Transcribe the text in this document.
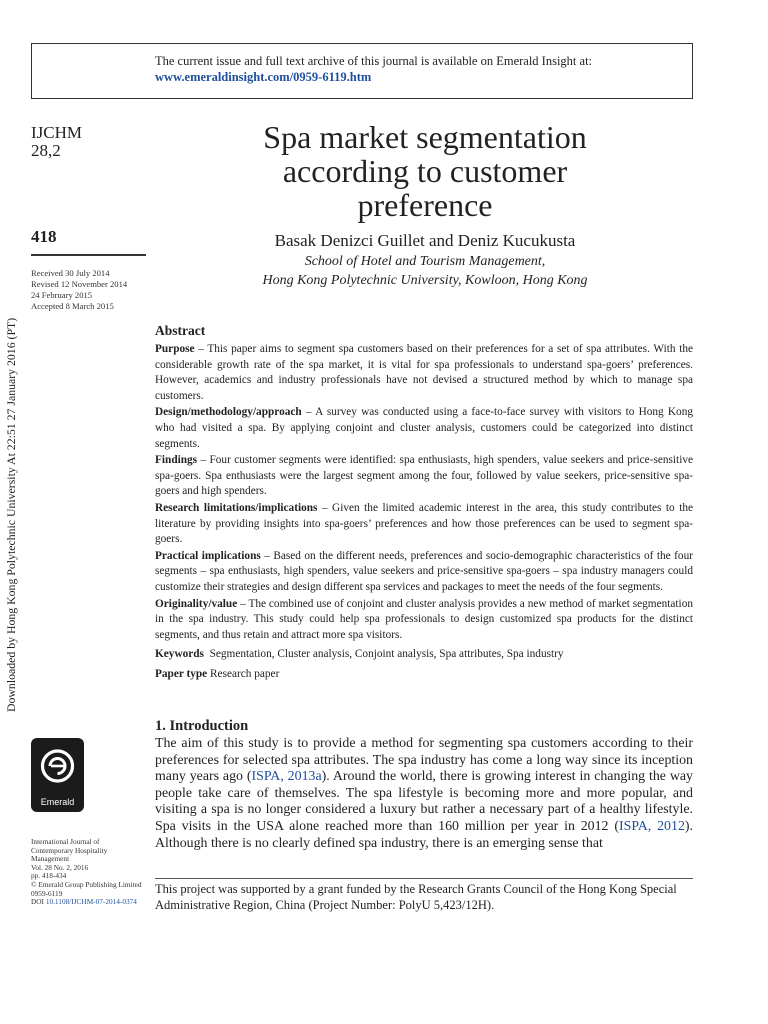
The current issue and full text archive of this journal is available on Emerald Insight at:
www.emeraldinsight.com/0959-6119.htm
Downloaded by Hong Kong Polytechnic University At 22:51 27 January 2016 (PT)
IJCHM
28,2
418
Received 30 July 2014
Revised 12 November 2014
24 February 2015
Accepted 8 March 2015
Spa market segmentation
according to customer
preference
Basak Denizci Guillet and Deniz Kucukusta
School of Hotel and Tourism Management,
Hong Kong Polytechnic University, Kowloon, Hong Kong
Abstract

Purpose – This paper aims to segment spa customers based on their preferences for a set of spa attributes. With the considerable growth rate of the spa market, it is vital for spa professionals to understand spa-goers’ preferences. However, academics and industry professionals have not devised a structured method by which to manage spa customers.

Design/methodology/approach – A survey was conducted using a face-to-face survey with visitors to Hong Kong who had visited a spa. By applying conjoint and cluster analysis, customers could be categorized into distinct segments.

Findings – Four customer segments were identified: spa enthusiasts, high spenders, value seekers and price-sensitive spa-goers. Spa enthusiasts were the largest segment among the four, followed by value seekers, price-sensitive spa-goers and high spenders.

Research limitations/implications – Given the limited academic interest in the area, this study contributes to the literature by providing insights into spa-goers’ preferences and how those preferences can be used to segment spa-goers.

Practical implications – Based on the different needs, preferences and socio-demographic characteristics of the four segments – spa enthusiasts, high spenders, value seekers and price-sensitive spa-goers – spa industry managers could customize their strategies and design different spa services and packages to meet the needs of the four segments.

Originality/value – The combined use of conjoint and cluster analysis provides a new method of market segmentation in the spa industry. This study could help spa professionals to design customized spa products for the distinct segments, and thus retain and attract more spa visitors.

Keywords Segmentation, Cluster analysis, Conjoint analysis, Spa attributes, Spa industry

Paper type Research paper

1. Introduction
The aim of this study is to provide a method for segmenting spa customers according to their preferences for selected spa attributes. The spa industry has come a long way since its inception many years ago (ISPA, 2013a). Around the world, there is growing interest in changing the way people take care of themselves. The spa lifestyle is becoming more and more popular, and visiting a spa is no longer considered a luxury but rather a necessary part of a healthy lifestyle. Spa visits in the USA alone reached more than 160 million per year in 2012 (ISPA, 2012). Although there is no clearly defined spa industry, there is an emerging sense that
This project was supported by a grant funded by the Research Grants Council of the Hong Kong Special Administrative Region, China (Project Number: PolyU 5,423/12H).
Emerald
International Journal of
Contemporary Hospitality
Management
Vol. 28 No. 2, 2016
pp. 418-434
© Emerald Group Publishing Limited
0959-6119
DOI 10.1108/IJCHM-07-2014-0374
